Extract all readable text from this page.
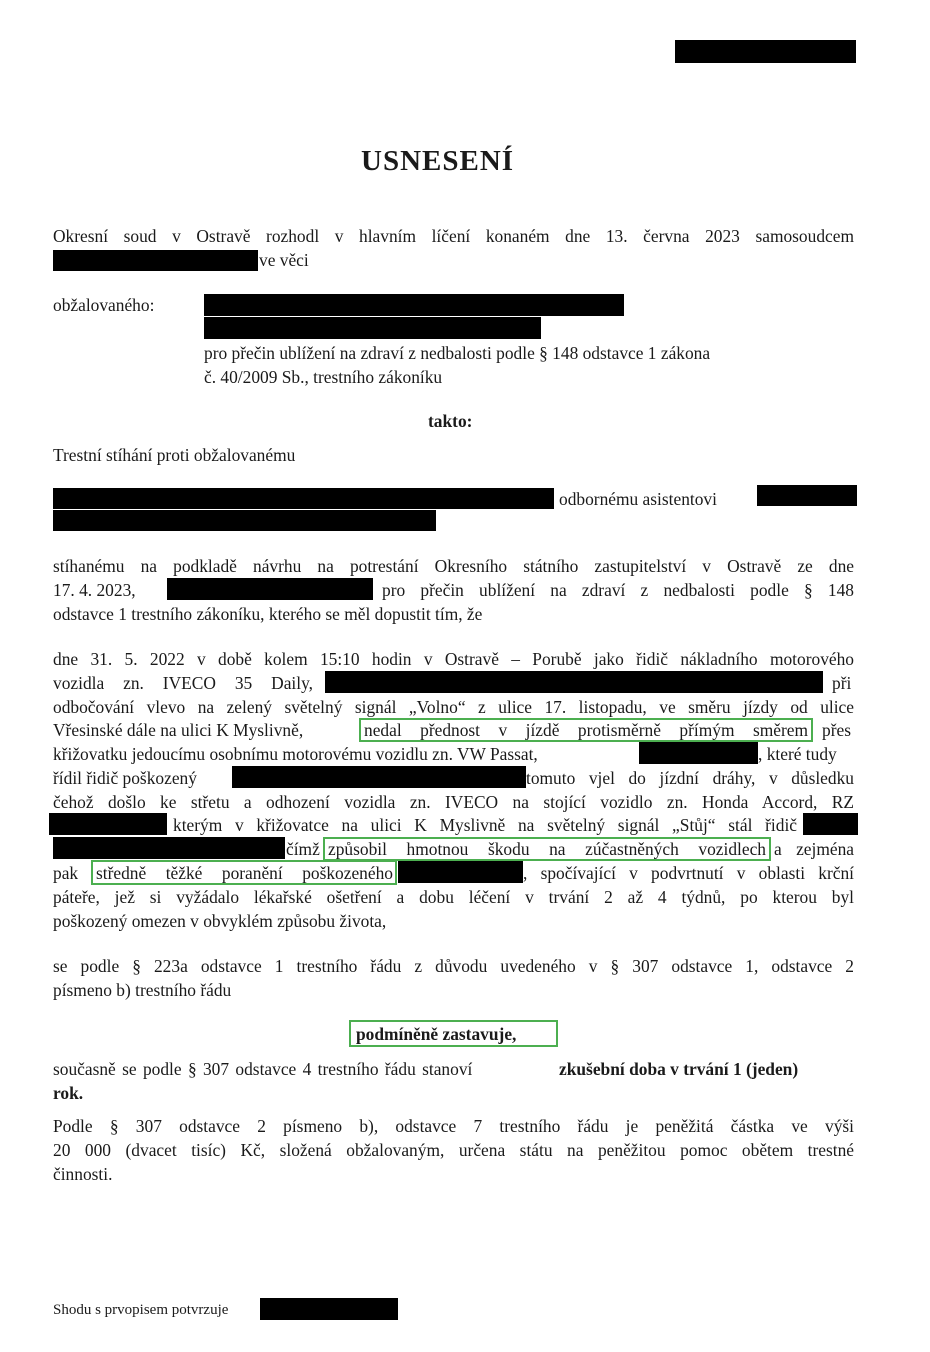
USNESENÍ
Okresní soud v Ostravě rozhodl v hlavním líčení konaném dne 13. června 2023 samosoudcem
ve věci
obžalovaného:
pro přečin ublížení na zdraví z nedbalosti podle § 148 odstavce 1 zákona
č. 40/2009 Sb., trestního zákoníku
takto:
Trestní stíhání proti obžalovanému
odbornému asistentovi
stíhanému na podkladě návrhu na potrestání Okresního státního zastupitelství v Ostravě ze dne
17. 4. 2023,	pro přečin ublížení na zdraví z nedbalosti podle § 148
odstavce 1 trestního zákoníku, kterého se měl dopustit tím, že
dne 31. 5. 2022 v době kolem 15:10 hodin v Ostravě – Porubě jako řidič nákladního motorového
vozidla zn. IVECO 35 Daily,	při
odbočování vlevo na zelený světelný signál „Volno“ z ulice 17. listopadu, ve směru jízdy od ulice
Vřesinské dále na ulici K Myslivně,	nedal přednost v jízdě protisměrně přímým směrem přes
křižovatku jedoucímu osobnímu motorovému vozidlu zn. VW Passat,	, které tudy
řídil řidič poškozený	tomuto vjel do jízdní dráhy, v důsledku
čehož došlo ke střetu a odhození vozidla zn. IVECO na stojící vozidlo zn. Honda Accord, RZ
kterým v křižovatce na ulici K Myslivně na světelný signál „Stůj“ stál řidič
čímž způsobil hmotnou škodu na zúčastněných vozidlech a zejména
pak středně těžké poranění poškozeného	, spočívající v podvrtnutí v oblasti krční
páteře, jež si vyžádalo lékařské ošetření a dobu léčení v trvání 2 až 4 týdnů, po kterou byl
poškozený omezen v obvyklém způsobu života,
se podle § 223a odstavce 1 trestního řádu z důvodu uvedeného v § 307 odstavce 1, odstavce 2
písmeno b) trestního řádu
podmíněně zastavuje,
současně se podle § 307 odstavce 4 trestního řádu stanoví	zkušební doba v trvání 1 (jeden)
rok.
Podle § 307 odstavce 2 písmeno b), odstavce 7 trestního řádu je peněžitá částka ve výši
20 000 (dvacet tisíc) Kč, složená obžalovaným, určena státu na peněžitou pomoc obětem trestné
činnosti.
Shodu s prvopisem potvrzuje
